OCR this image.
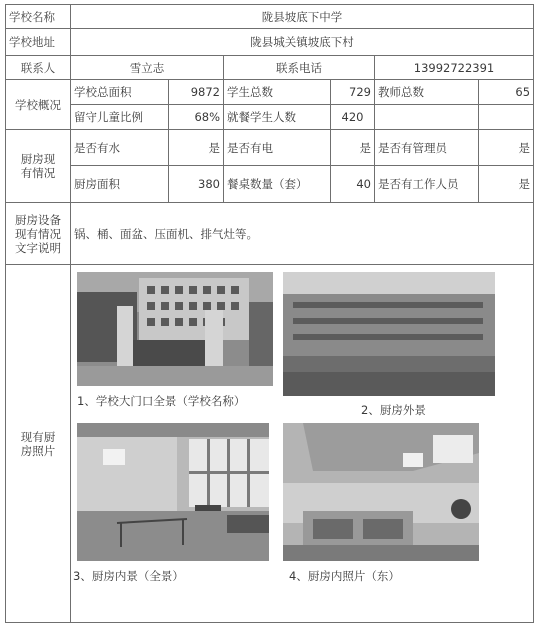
学校名称	陇县坡底下中学					
学校地址	陇县城关镇坡底下村					
联系人	雪立志		联系电话		13992722391	
学校概况	学校总面积	9872	学生总数	729	教师总数	65
	留守儿童比例	68%	就餐学生人数	420		
厨房现有情况	是否有水	是	是否有电	是	是否有管理员	是
	厨房面积	380	餐桌数量（套）	40	是否有工作人员	是
厨房设备现有情况文字说明	锅、桶、面盆、压面机、排气灶等。					
现有厨房照片	1、学校大门口全景（学校名称）
2、厨房外景
3、厨房内景（全景） 4、厨房内照片（东）					
